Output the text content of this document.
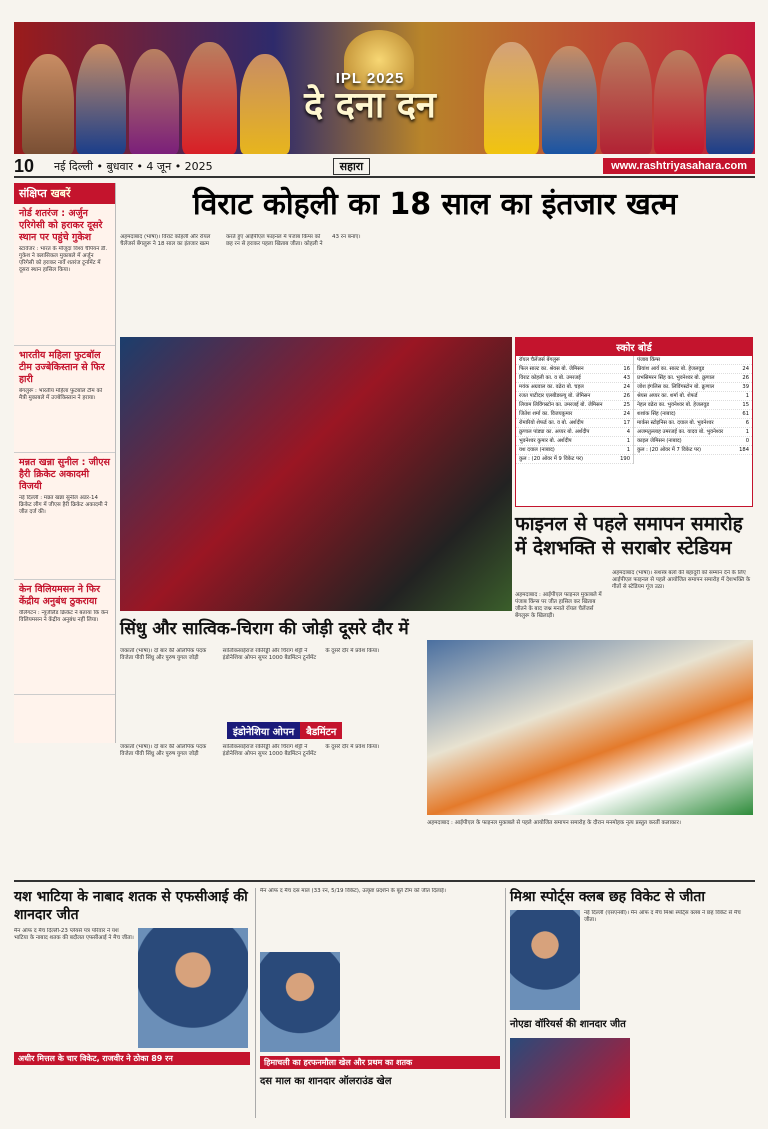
IPL 2025
दे दना दन
10	नई दिल्ली • बुधवार • 4 जून • 2025	सहारा	www.rashtriyasahara.com
संक्षिप्त खबरें
नोर्ड शतरंज : अर्जुन एरिगेसी को हराकर दूसरे स्थान पर पहुंचे गुकेश

स्टावेंजर : भारत के मौजूदा विश्व चैंपियन डी. गुकेश ने क्लासिकल मुकाबले में अर्जुन एरिगेसी को हराकर नार्वे शतरंज टूर्नामेंट में दूसरा स्थान हासिल किया।

भारतीय महिला फुटबॉल टीम उज्बेकिस्तान से फिर हारी

बेंगलुरू : भारतीय महिला फुटबॉल टीम को मैत्री मुकाबले में उज्बेकिस्तान ने हराया।

मन्नत खन्ना सुनील : जीएस हैरी क्रिकेट अकादमी विजयी

नई दिल्ली : मन्नत खन्ना सुनील अंडर-14 क्रिकेट लीग में जीएस हैरी क्रिकेट अकादमी ने जीत दर्ज की।

केन विलियमसन ने फिर केंद्रीय अनुबंध ठुकराया

वेलिंगटन : न्यूजीलैंड क्रिकेट ने बताया कि केन विलियमसन ने केंद्रीय अनुबंध नहीं लिया।

विराट कोहली का 18 साल का इंतजार खत्म

अहमदाबाद (भाषा)। विराट कोहली और रॉयल चैलेंजर्स बेंगलुरू ने 18 साल का इंतजार खत्म करते हुए आईपीएल फाइनल में पंजाब किंग्स को छह रन से हराकर पहला खिताब जीता। कोहली ने 43 रन बनाए।

अहमदाबाद : आईपीएल फाइनल मुकाबले में पंजाब किंग्स पर जीत हासिल कर खिताब जीतने के बाद जश्न मनाते रॉयल चैलेंजर्स बेंगलुरू के खिलाड़ी।

स्कोर बोर्ड
रॉयल चैलेंजर्स बेंगलुरू
फिल साल्ट का. श्रेयस बो. जेमिसन	16
विराट कोहली का. व बो. उमरजई	43
मयंक अग्रवाल का. वढेरा बो. चहल	24
रजत पाटीदार एलबीडब्ल्यू बो. जेमिसन	26
लियाम लिविंगस्टोन का. उमरजई बो. जेमिसन	25
जितेश शर्मा का. विजयकुमार	24
रोमारियो शेफर्ड का. व बो. अर्शदीप	17
क्रुणाल पांड्या का. अय्यर बो. अर्शदीप	4
भुवनेश्वर कुमार बो. अर्शदीप	1
यश दयाल (नाबाद)	1
कुल : (20 ओवर में 9 विकेट पर)	190
पंजाब किंग्स
प्रियांश आर्य का. साल्ट बो. हेजलवुड	24
प्रभसिमरन सिंह का. भुवनेश्वर बो. क्रुणाल	26
जोश इंगलिस का. लिविंगस्टोन बो. क्रुणाल	39
श्रेयस अय्यर का. शर्मा बो. शेफर्ड	1
नेहल वढेरा का. भुवनेश्वर बो. हेजलवुड	15
शशांक सिंह (नाबाद)	61
मार्कस स्टोइनिस का. दयाल बो. भुवनेश्वर	6
अजमतुल्लाह उमरजई का. यादव बो. भुवनेश्वर	1
काइल जेमिसन (नाबाद)	0
कुल : (20 ओवर में 7 विकेट पर)	184
फाइनल से पहले समापन समारोह में देशभक्ति से सराबोर स्टेडियम

अहमदाबाद (भाषा)। सशस्त्र बलों की बहादुरी को सम्मान देने के लिए आईपीएल फाइनल से पहले आयोजित समापन समारोह में देशभक्ति के गीतों से स्टेडियम गूंज उठा।

अहमदाबाद : आईपीएल के फाइनल मुकाबले से पहले आयोजित समापन समारोह के दौरान मनमोहक नृत्य प्रस्तुत करतीं कलाकार।

सिंधु और सात्विक-चिराग की जोड़ी दूसरे दौर में

जकार्ता (भाषा)। दो बार की ओलंपिक पदक विजेता पीवी सिंधु और पुरुष युगल जोड़ी सात्विकसाईराज रंकीरेड्डी और चिराग शेट्टी ने इंडोनेशिया ओपन सुपर 1000 बैडमिंटन टूर्नामेंट के दूसरे दौर में प्रवेश किया।

इंडोनेशिया ओपन	बैडमिंटन

जकार्ता (भाषा)। दो बार की ओलंपिक पदक विजेता पीवी सिंधु और पुरुष युगल जोड़ी सात्विकसाईराज रंकीरेड्डी और चिराग शेट्टी ने इंडोनेशिया ओपन सुपर 1000 बैडमिंटन टूर्नामेंट के दूसरे दौर में प्रवेश किया।

यश भाटिया के नाबाद शतक से एफसीआई की शानदार जीत

मैन ऑफ द मैच दिल्ली-23 प्लेयर्स पत्र परिवार ने यश भाटिया के नाबाद शतक की बदौलत एफसीआई ने मैच जीता।

अधीर मित्तल के चार विकेट, राजवीर ने ठोका 89 रन

मैन ऑफ द मैच दस माल (33 रन, 5/19 विकेट), उत्कृष्ट प्रदर्शन के बूते टीम को जीत दिलाई।

हिमाचली का हरफनमौला खेल और प्रथम का शतक
दस माल का शानदार ऑलराउंड खेल
मिश्रा स्पोर्ट्स क्लब छह विकेट से जीता

नई दिल्ली (एसएनबी)। मैन ऑफ द मैच मिश्रा स्पोर्ट्स क्लब ने छह विकेट से मैच जीता।

नोएडा वॉरियर्स की शानदार जीत
